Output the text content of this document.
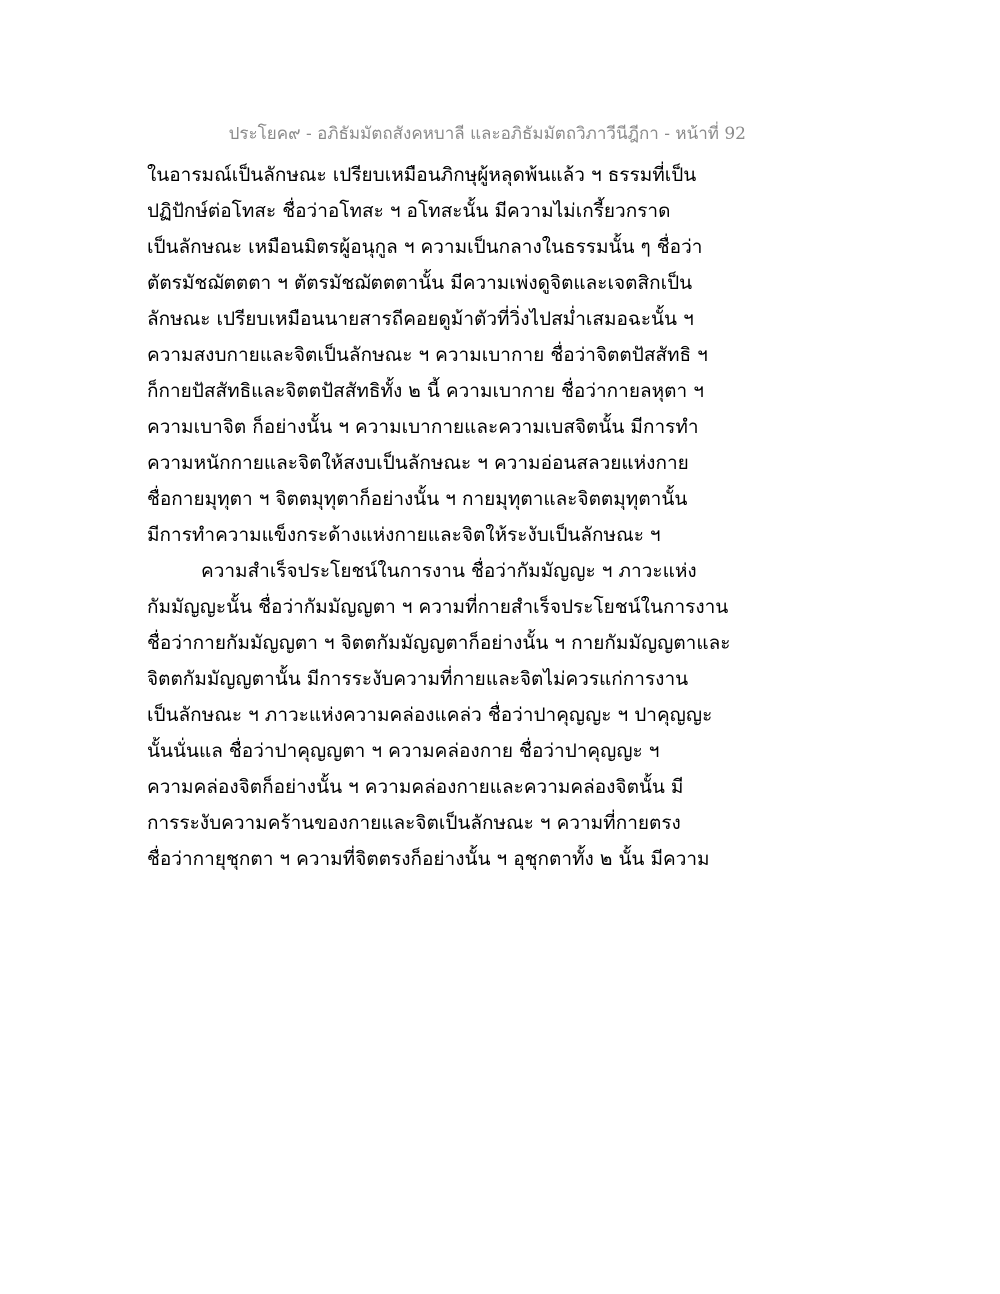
ประโยค๙ - อภิธัมมัตถสังคหบาลี และอภิธัมมัตถวิภาวีนีฎีกา - หน้าที่ 92
ในอารมณ์เป็นลักษณะ เปรียบเหมือนภิกษุผู้หลุดพ้นแล้ว ฯ ธรรมที่เป็น
ปฏิปักษ์ต่อโทสะ ชื่อว่าอโทสะ ฯ อโทสะนั้น มีความไม่เกรี้ยวกราด
เป็นลักษณะ เหมือนมิตรผู้อนุกูล ฯ ความเป็นกลางในธรรมนั้น ๆ ชื่อว่า
ตัตรมัชฌัตตตา ฯ ตัตรมัชฌัตตตานั้น มีความเพ่งดูจิตและเจตสิกเป็น
ลักษณะ เปรียบเหมือนนายสารถีคอยดูม้าตัวที่วิ่งไปสม่ำเสมอฉะนั้น ฯ
ความสงบกายและจิตเป็นลักษณะ ฯ ความเบากาย ชื่อว่าจิตตปัสสัทธิ ฯ
ก็กายปัสสัทธิและจิตตปัสสัทธิทั้ง ๒ นี้ ความเบากาย ชื่อว่ากายลหุตา ฯ
ความเบาจิต ก็อย่างนั้น ฯ ความเบากายและความเบสจิตนั้น มีการทำ
ความหนักกายและจิตให้สงบเป็นลักษณะ ฯ ความอ่อนสลวยแห่งกาย
ชื่อกายมุทุตา ฯ จิตตมุทุตาก็อย่างนั้น ฯ กายมุทุตาและจิตตมุทุตานั้น
มีการทำความแข็งกระด้างแห่งกายและจิตให้ระงับเป็นลักษณะ ฯ
ความสำเร็จประโยชน์ในการงาน ชื่อว่ากัมมัญญะ ฯ ภาวะแห่ง
กัมมัญญะนั้น ชื่อว่ากัมมัญญตา ฯ ความที่กายสำเร็จประโยชน์ในการงาน
ชื่อว่ากายกัมมัญญตา ฯ จิตตกัมมัญญตาก็อย่างนั้น ฯ กายกัมมัญญตาและ
จิตตกัมมัญญตานั้น มีการระงับความที่กายและจิตไม่ควรแก่การงาน
เป็นลักษณะ ฯ ภาวะแห่งความคล่องแคล่ว ชื่อว่าปาคุญญะ ฯ ปาคุญญะ
นั้นนั่นแล ชื่อว่าปาคุญญตา ฯ ความคล่องกาย ชื่อว่าปาคุญญะ ฯ
ความคล่องจิตก็อย่างนั้น ฯ ความคล่องกายและความคล่องจิตนั้น มี
การระงับความคร้านของกายและจิตเป็นลักษณะ ฯ ความที่กายตรง
ชื่อว่ากายุชุกตา ฯ ความที่จิตตรงก็อย่างนั้น ฯ อุชุกตาทั้ง ๒ นั้น มีความ
